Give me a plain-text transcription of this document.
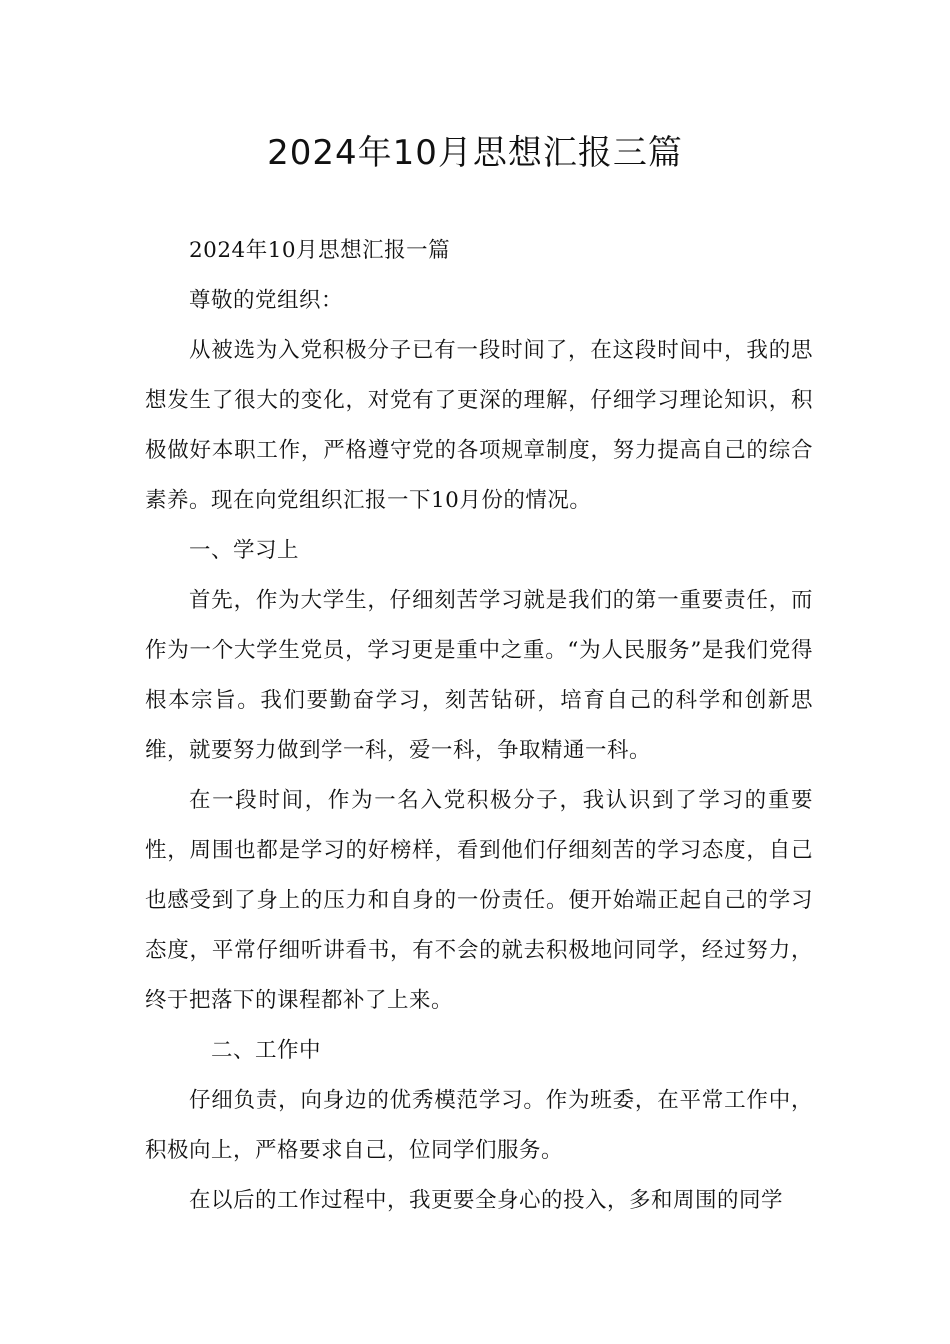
2024年10月思想汇报三篇

2024年10月思想汇报一篇

尊敬的党组织：

从被选为入党积极分子已有一段时间了，在这段时间中，我的思想发生了很大的变化，对党有了更深的理解，仔细学习理论知识，积极做好本职工作，严格遵守党的各项规章制度，努力提高自己的综合素养。现在向党组织汇报一下10月份的情况。

一、学习上

首先，作为大学生，仔细刻苦学习就是我们的第一重要责任，而作为一个大学生党员，学习更是重中之重。“为人民服务”是我们党得根本宗旨。我们要勤奋学习，刻苦钻研，培育自己的科学和创新思维，就要努力做到学一科，爱一科，争取精通一科。

在一段时间，作为一名入党积极分子，我认识到了学习的重要性，周围也都是学习的好榜样，看到他们仔细刻苦的学习态度，自己也感受到了身上的压力和自身的一份责任。便开始端正起自己的学习态度，平常仔细听讲看书，有不会的就去积极地问同学，经过努力，终于把落下的课程都补了上来。

二、工作中

仔细负责，向身边的优秀模范学习。作为班委，在平常工作中，积极向上，严格要求自己，位同学们服务。

在以后的工作过程中，我更要全身心的投入，多和周围的同学
